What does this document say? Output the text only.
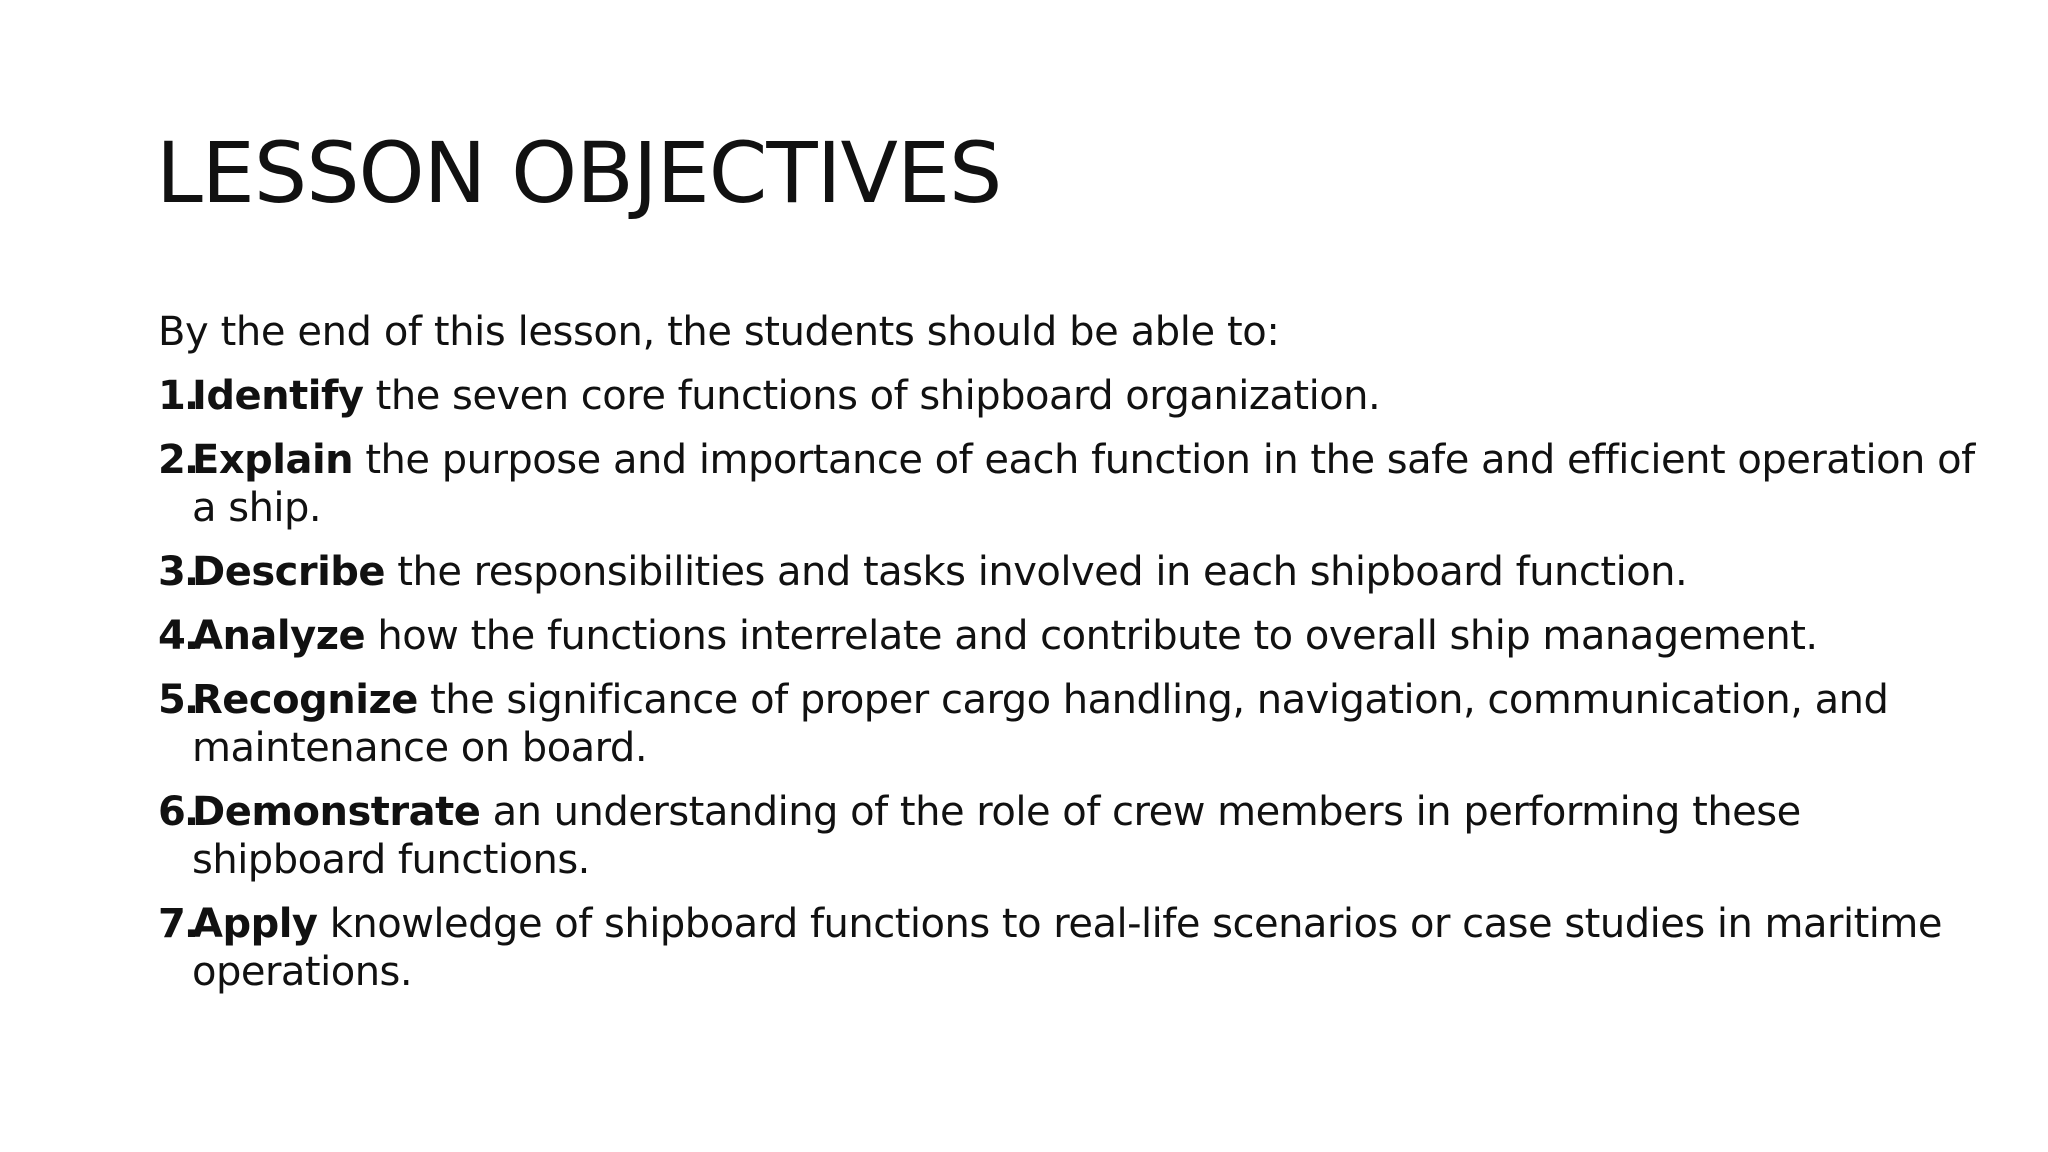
LESSON OBJECTIVES

By the end of this lesson, the students should be able to:

1.
Identify the seven core functions of shipboard organization.
2.
Explain the purpose and importance of each function in the safe and efficient operation of a ship.
3.
Describe the responsibilities and tasks involved in each shipboard function.
4.
Analyze how the functions interrelate and contribute to overall ship management.
5.
Recognize the significance of proper cargo handling, navigation, communication, and maintenance on board.
6.
Demonstrate an understanding of the role of crew members in performing these shipboard functions.
7.
Apply knowledge of shipboard functions to real-life scenarios or case studies in maritime operations.
